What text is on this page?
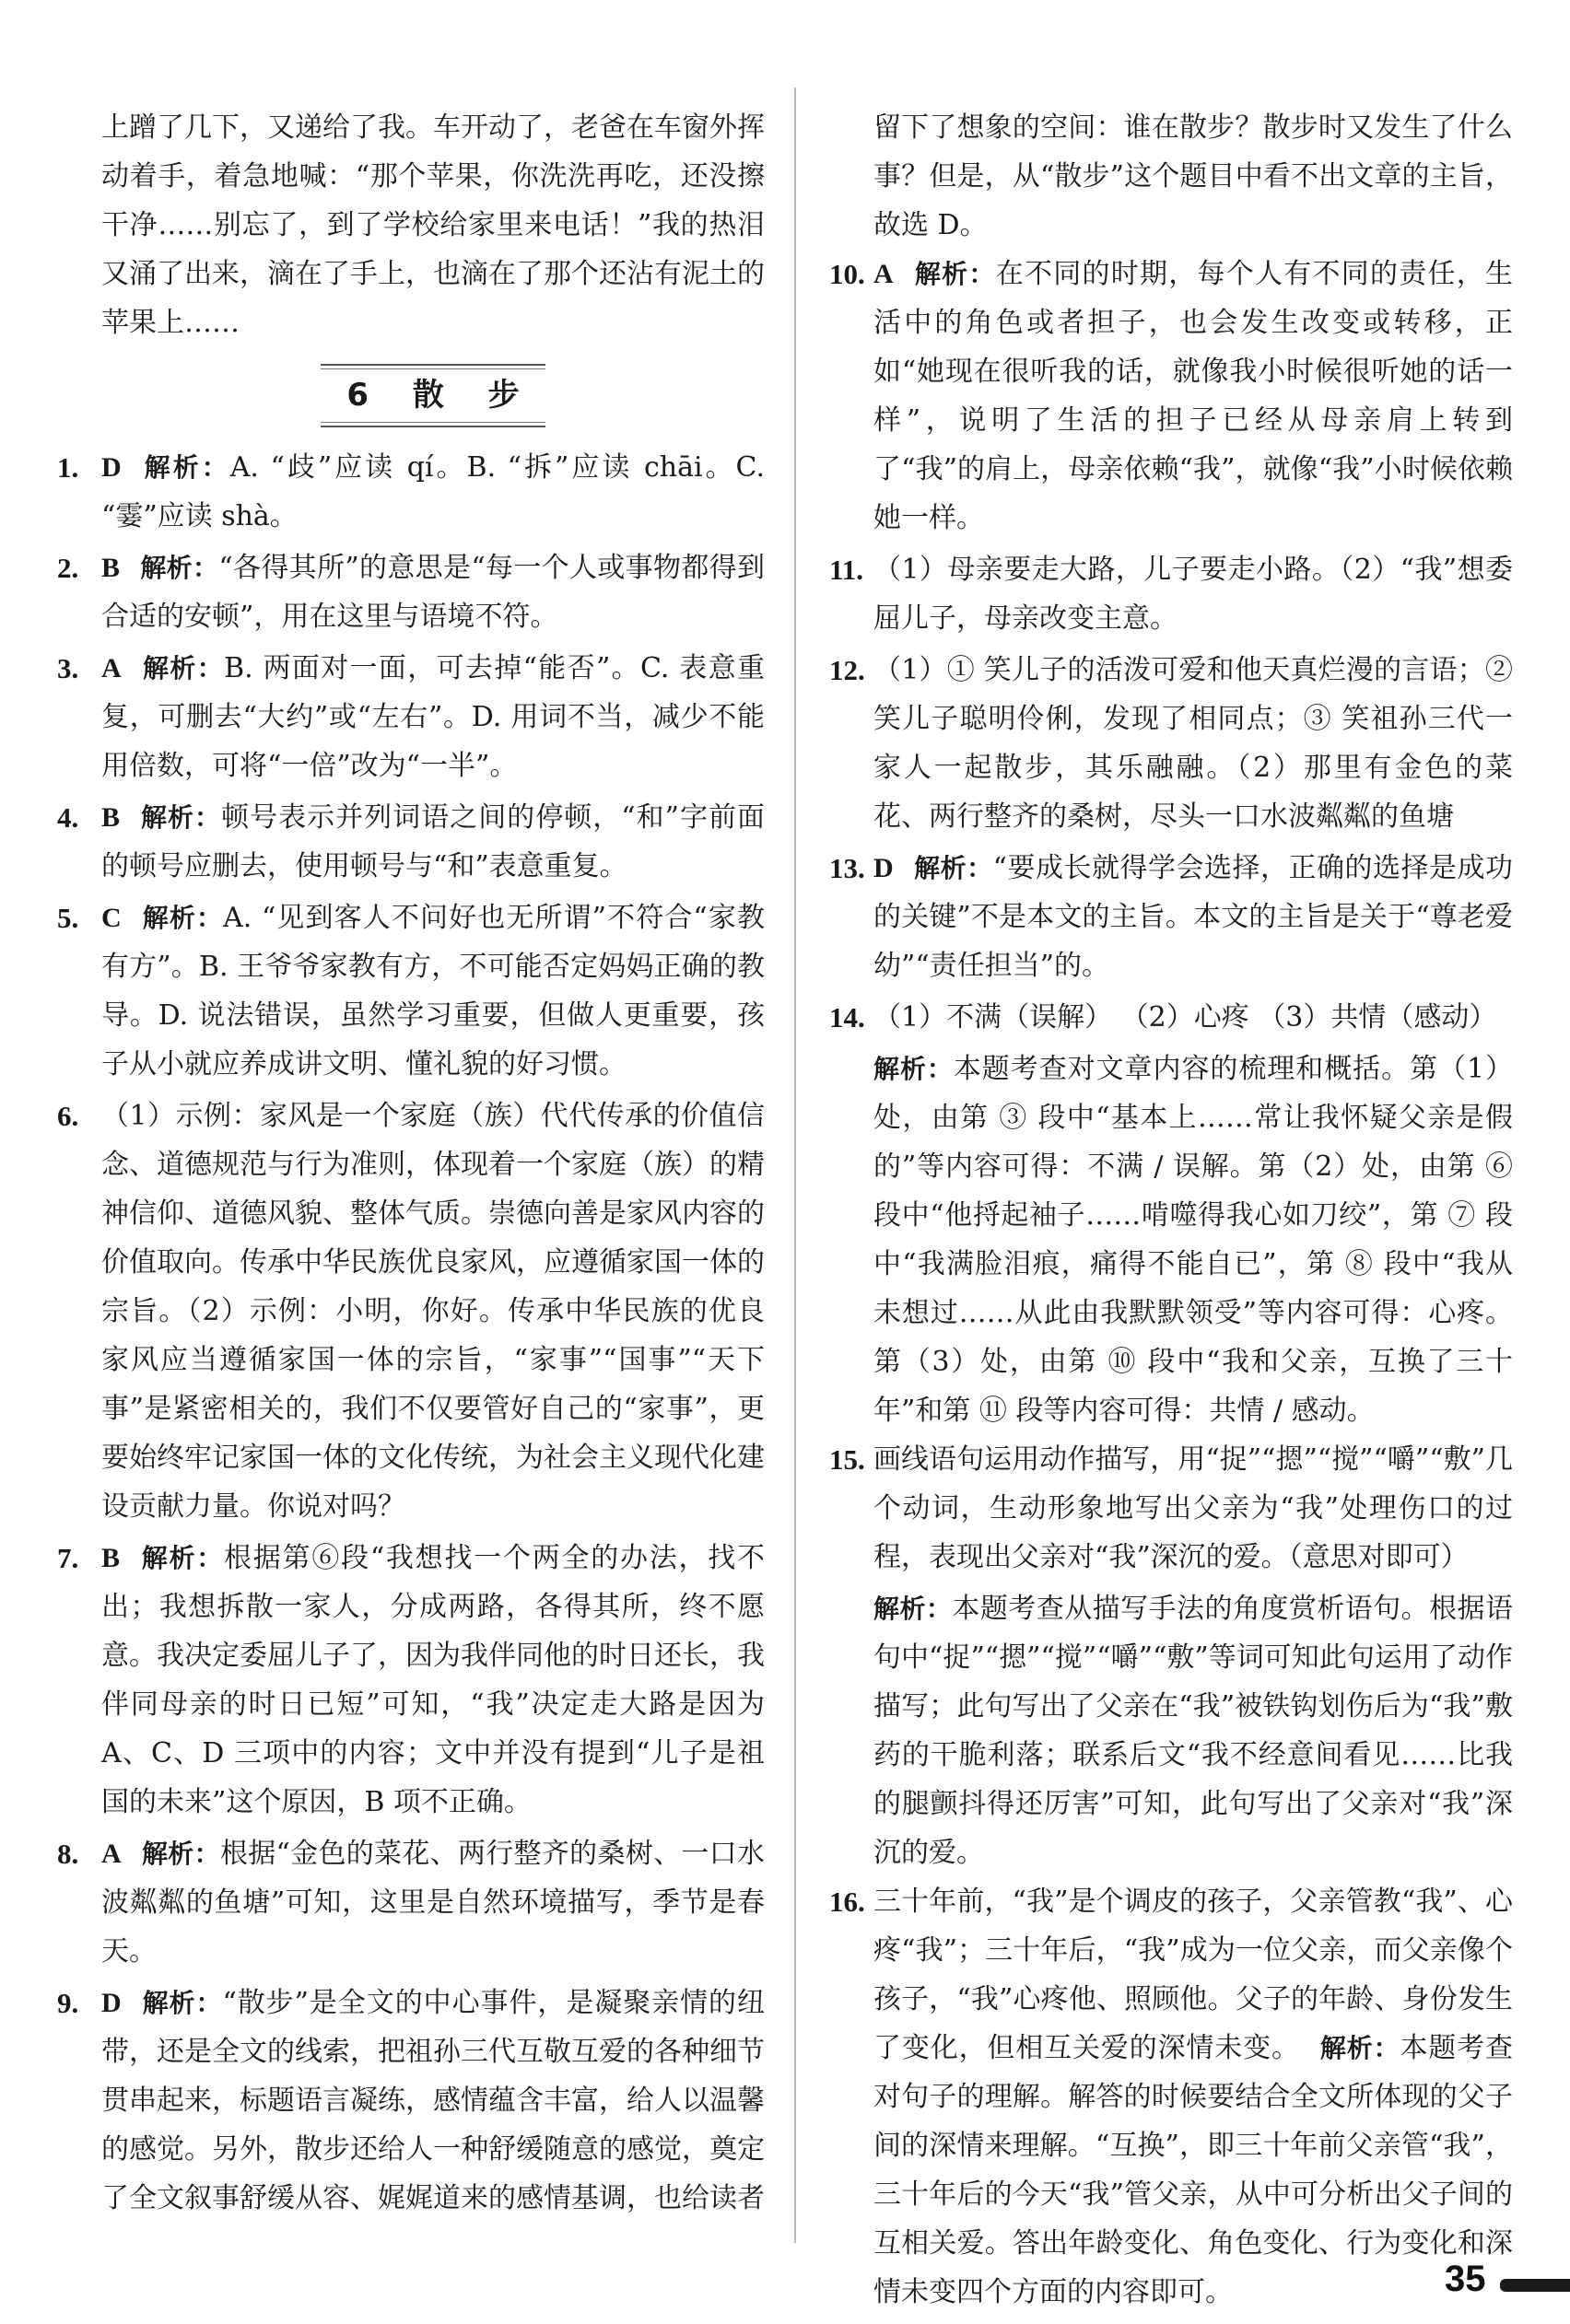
上蹭了几下，又递给了我。车开动了，老爸在车窗外挥动着手，着急地喊：“那个苹果，你洗洗再吃，还没擦干净……别忘了，到了学校给家里来电话！”我的热泪又涌了出来，滴在了手上，也滴在了那个还沾有泥土的苹果上……

6 散 步
1. D 解析：A. “歧”应读 qí。B. “拆”应读 chāi。C. “霎”应读 shà。
2. B 解析：“各得其所”的意思是“每一个人或事物都得到合适的安顿”，用在这里与语境不符。
3. A 解析：B. 两面对一面，可去掉“能否”。C. 表意重复，可删去“大约”或“左右”。D. 用词不当，减少不能用倍数，可将“一倍”改为“一半”。
4. B 解析：顿号表示并列词语之间的停顿，“和”字前面的顿号应删去，使用顿号与“和”表意重复。
5. C 解析：A. “见到客人不问好也无所谓”不符合“家教有方”。B. 王爷爷家教有方，不可能否定妈妈正确的教导。D. 说法错误，虽然学习重要，但做人更重要，孩子从小就应养成讲文明、懂礼貌的好习惯。
6. （1）示例：家风是一个家庭（族）代代传承的价值信念、道德规范与行为准则，体现着一个家庭（族）的精神信仰、道德风貌、整体气质。崇德向善是家风内容的价值取向。传承中华民族优良家风，应遵循家国一体的宗旨。（2）示例：小明，你好。传承中华民族的优良家风应当遵循家国一体的宗旨，“家事”“国事”“天下事”是紧密相关的，我们不仅要管好自己的“家事”，更要始终牢记家国一体的文化传统，为社会主义现代化建设贡献力量。你说对吗？
7. B 解析：根据第⑥段“我想找一个两全的办法，找不出；我想拆散一家人，分成两路，各得其所，终不愿意。我决定委屈儿子了，因为我伴同他的时日还长，我伴同母亲的时日已短”可知，“我”决定走大路是因为 A、C、D 三项中的内容；文中并没有提到“儿子是祖国的未来”这个原因，B 项不正确。
8. A 解析：根据“金色的菜花、两行整齐的桑树、一口水波粼粼的鱼塘”可知，这里是自然环境描写，季节是春天。
9. D 解析：“散步”是全文的中心事件，是凝聚亲情的纽带，还是全文的线索，把祖孙三代互敬互爱的各种细节贯串起来，标题语言凝练，感情蕴含丰富，给人以温馨的感觉。另外，散步还给人一种舒缓随意的感觉，奠定了全文叙事舒缓从容、娓娓道来的感情基调，也给读者

留下了想象的空间：谁在散步？散步时又发生了什么事？但是，从“散步”这个题目中看不出文章的主旨，故选 D。

10. A 解析：在不同的时期，每个人有不同的责任，生活中的角色或者担子，也会发生改变或转移，正如“她现在很听我的话，就像我小时候很听她的话一样”，说明了生活的担子已经从母亲肩上转到了“我”的肩上，母亲依赖“我”，就像“我”小时候依赖她一样。
11. （1）母亲要走大路，儿子要走小路。（2）“我”想委屈儿子，母亲改变主意。
12. （1）① 笑儿子的活泼可爱和他天真烂漫的言语；② 笑儿子聪明伶俐，发现了相同点；③ 笑祖孙三代一家人一起散步，其乐融融。（2）那里有金色的菜花、两行整齐的桑树，尽头一口水波粼粼的鱼塘
13. D 解析：“要成长就得学会选择，正确的选择是成功的关键”不是本文的主旨。本文的主旨是关于“尊老爱幼”“责任担当”的。
14. （1）不满（误解） （2）心疼 （3）共情（感动）

解析：本题考查对文章内容的梳理和概括。第（1）处，由第 ③ 段中“基本上……常让我怀疑父亲是假的”等内容可得：不满 / 误解。第（2）处，由第 ⑥ 段中“他捋起袖子……啃噬得我心如刀绞”，第 ⑦ 段中“我满脸泪痕，痛得不能自已”，第 ⑧ 段中“我从未想过……从此由我默默领受”等内容可得：心疼。第（3）处，由第 ⑩ 段中“我和父亲，互换了三十年”和第 ⑪ 段等内容可得：共情 / 感动。

15. 画线语句运用动作描写，用“捉”“摁”“搅”“嚼”“敷”几个动词，生动形象地写出父亲为“我”处理伤口的过程，表现出父亲对“我”深沉的爱。（意思对即可）

解析：本题考查从描写手法的角度赏析语句。根据语句中“捉”“摁”“搅”“嚼”“敷”等词可知此句运用了动作描写；此句写出了父亲在“我”被铁钩划伤后为“我”敷药的干脆利落；联系后文“我不经意间看见……比我的腿颤抖得还厉害”可知，此句写出了父亲对“我”深沉的爱。

16. 三十年前，“我”是个调皮的孩子，父亲管教“我”、心疼“我”；三十年后，“我”成为一位父亲，而父亲像个孩子，“我”心疼他、照顾他。父子的年龄、身份发生了变化，但相互关爱的深情未变。 解析：本题考查对句子的理解。解答的时候要结合全文所体现的父子间的深情来理解。“互换”，即三十年前父亲管“我”，三十年后的今天“我”管父亲，从中可分析出父子间的互相关爱。答出年龄变化、角色变化、行为变化和深情未变四个方面的内容即可。	35
